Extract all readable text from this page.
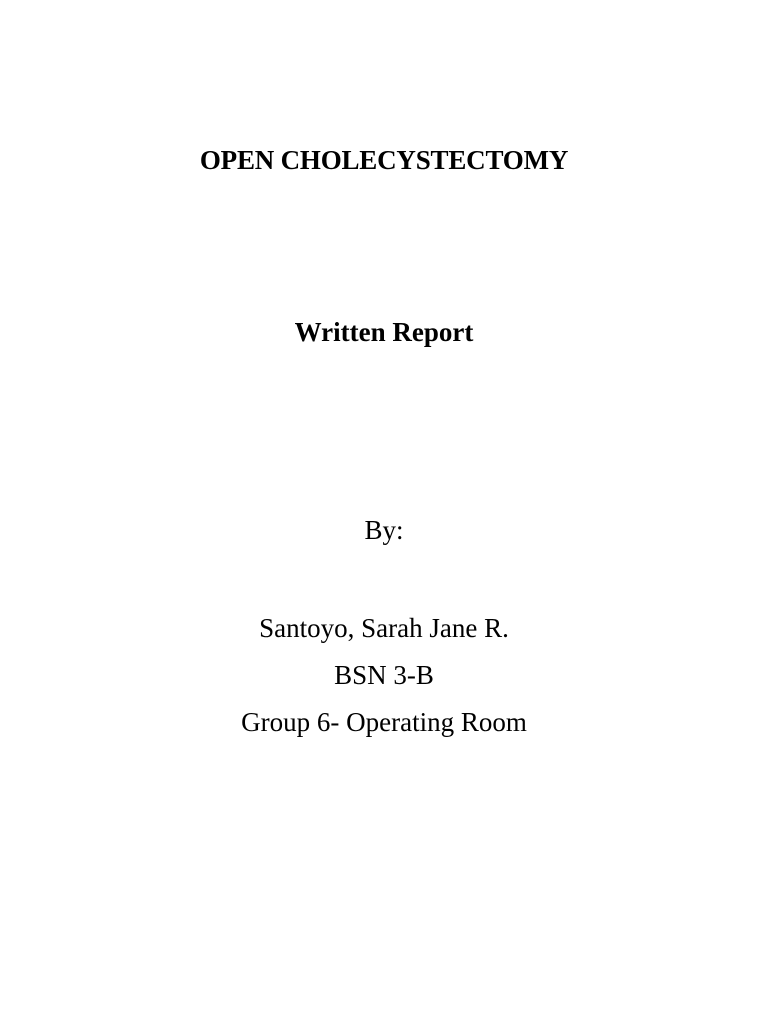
OPEN CHOLECYSTECTOMY
Written Report
By:
Santoyo, Sarah Jane R.
BSN 3-B
Group 6- Operating Room
